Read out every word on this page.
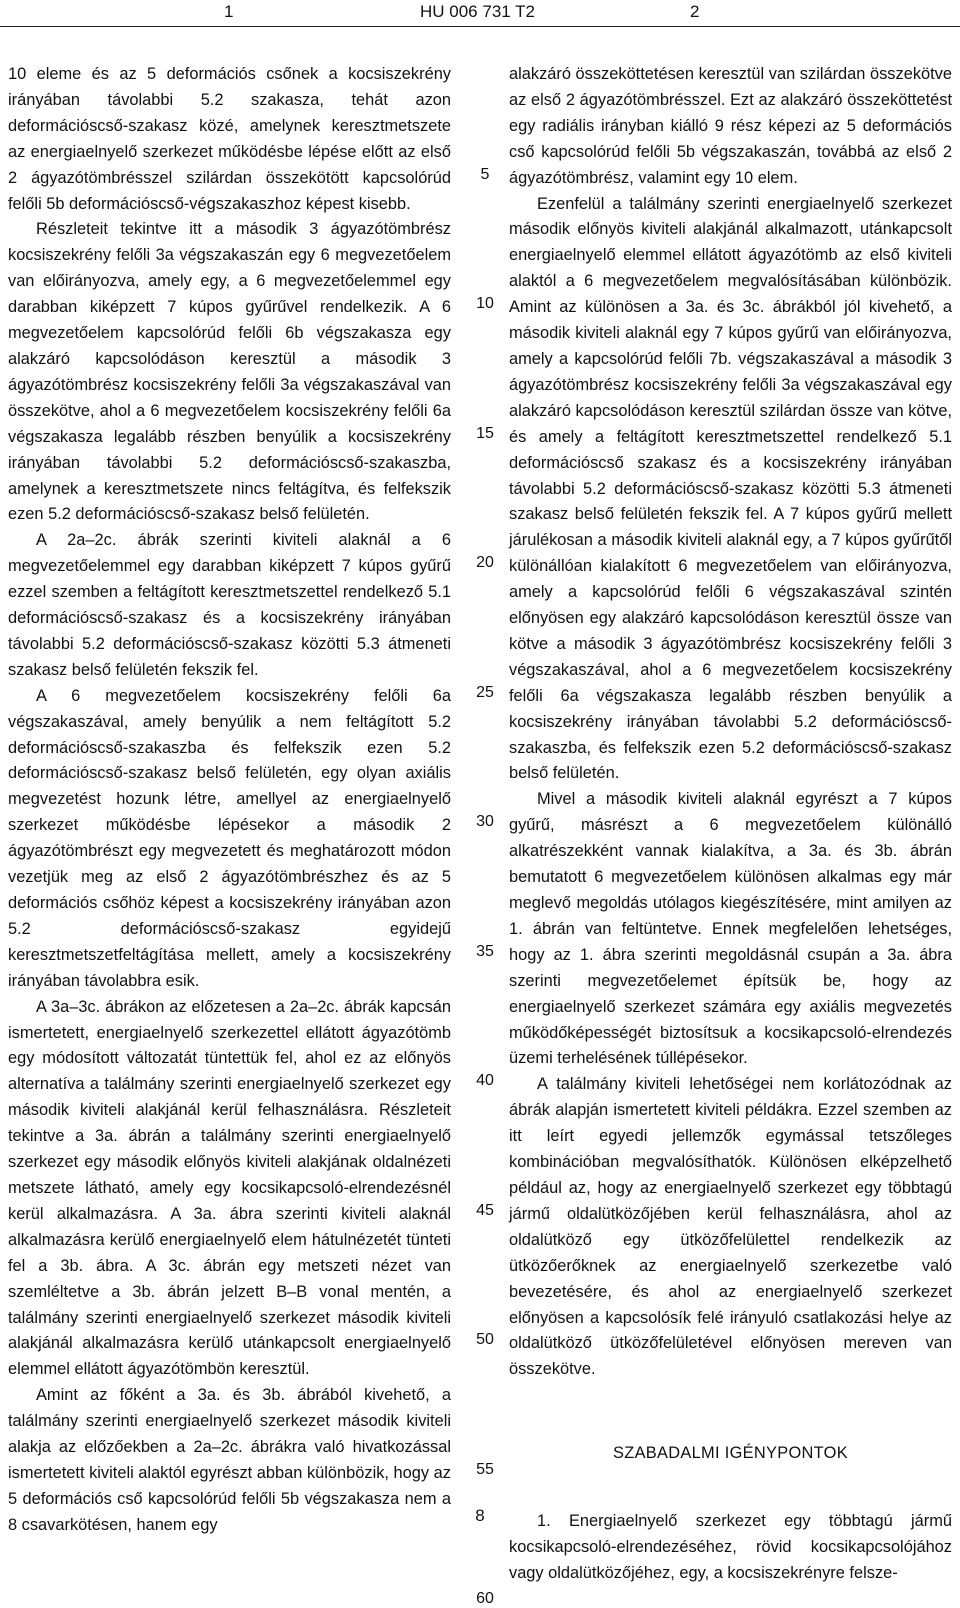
1	HU 006 731 T2	2

10 eleme és az 5 deformációs csőnek a kocsiszekrény irányában távolabbi 5.2 szakasza, tehát azon deformációscső-szakasz közé, amelynek keresztmetszete az energiaelnyelő szerkezet működésbe lépése előtt az első 2 ágyazótömbrésszel szilárdan összekötött kapcsolórúd felőli 5b deformációscső-végszakaszhoz képest kisebb.

Részleteit tekintve itt a második 3 ágyazótömbrész kocsiszekrény felőli 3a végszakaszán egy 6 megvezetőelem van előirányozva, amely egy, a 6 megvezetőelemmel egy darabban kiképzett 7 kúpos gyűrűvel rendelkezik. A 6 megvezetőelem kapcsolórúd felőli 6b végszakasza egy alakzáró kapcsolódáson keresztül a második 3 ágyazótömbrész kocsiszekrény felőli 3a végszakaszával van összekötve, ahol a 6 megvezetőelem kocsiszekrény felőli 6a végszakasza legalább részben benyúlik a kocsiszekrény irányában távolabbi 5.2 deformációscső-szakaszba, amelynek a keresztmetszete nincs feltágítva, és felfekszik ezen 5.2 deformációscső-szakasz belső felületén.

A 2a–2c. ábrák szerinti kiviteli alaknál a 6 megvezetőelemmel egy darabban kiképzett 7 kúpos gyűrű ezzel szemben a feltágított keresztmetszettel rendelkező 5.1 deformációscső-szakasz és a kocsiszekrény irányában távolabbi 5.2 deformációscső-szakasz közötti 5.3 átmeneti szakasz belső felületén fekszik fel.

A 6 megvezetőelem kocsiszekrény felőli 6a végszakaszával, amely benyúlik a nem feltágított 5.2 deformációscső-szakaszba és felfekszik ezen 5.2 deformációscső-szakasz belső felületén, egy olyan axiális megvezetést hozunk létre, amellyel az energiaelnyelő szerkezet működésbe lépésekor a második 2 ágyazótömbrészt egy megvezetett és meghatározott módon vezetjük meg az első 2 ágyazótömbrészhez és az 5 deformációs csőhöz képest a kocsiszekrény irányában azon 5.2 deformációscső-szakasz egyidejű keresztmetszetfeltágítása mellett, amely a kocsiszekrény irányában távolabbra esik.

A 3a–3c. ábrákon az előzetesen a 2a–2c. ábrák kapcsán ismertetett, energiaelnyelő szerkezettel ellátott ágyazótömb egy módosított változatát tüntettük fel, ahol ez az előnyös alternatíva a találmány szerinti energiaelnyelő szerkezet egy második kiviteli alakjánál kerül felhasználásra. Részleteit tekintve a 3a. ábrán a találmány szerinti energiaelnyelő szerkezet egy második előnyös kiviteli alakjának oldalnézeti metszete látható, amely egy kocsikapcsoló-elrendezésnél kerül alkalmazásra. A 3a. ábra szerinti kiviteli alaknál alkalmazásra kerülő energiaelnyelő elem hátulnézetét tünteti fel a 3b. ábra. A 3c. ábrán egy metszeti nézet van szemléltetve a 3b. ábrán jelzett B–B vonal mentén, a találmány szerinti energiaelnyelő szerkezet második kiviteli alakjánál alkalmazásra kerülő utánkapcsolt energiaelnyelő elemmel ellátott ágyazótömbön keresztül.

Amint az főként a 3a. és 3b. ábrából kivehető, a találmány szerinti energiaelnyelő szerkezet második kiviteli alakja az előzőekben a 2a–2c. ábrákra való hivatkozással ismertetett kiviteli alaktól egyrészt abban különbözik, hogy az 5 deformációs cső kapcsolórúd felőli 5b végszakasza nem a 8 csavarkötésen, hanem egy

alakzáró összeköttetésen keresztül van szilárdan összekötve az első 2 ágyazótömbrésszel. Ezt az alakzáró összeköttetést egy radiális irányban kiálló 9 rész képezi az 5 deformációs cső kapcsolórúd felőli 5b végszakaszán, továbbá az első 2 ágyazótömbrész, valamint egy 10 elem.

Ezenfelül a találmány szerinti energiaelnyelő szerkezet második előnyös kiviteli alakjánál alkalmazott, utánkapcsolt energiaelnyelő elemmel ellátott ágyazótömb az első kiviteli alaktól a 6 megvezetőelem megvalósításában különbözik. Amint az különösen a 3a. és 3c. ábrákból jól kivehető, a második kiviteli alaknál egy 7 kúpos gyűrű van előirányozva, amely a kapcsolórúd felőli 7b. végszakaszával a második 3 ágyazótömbrész kocsiszekrény felőli 3a végszakaszával egy alakzáró kapcsolódáson keresztül szilárdan össze van kötve, és amely a feltágított keresztmetszettel rendelkező 5.1 deformációscső szakasz és a kocsiszekrény irányában távolabbi 5.2 deformációscső-szakasz közötti 5.3 átmeneti szakasz belső felületén fekszik fel. A 7 kúpos gyűrű mellett járulékosan a második kiviteli alaknál egy, a 7 kúpos gyűrűtől különállóan kialakított 6 megvezetőelem van előirányozva, amely a kapcsolórúd felőli 6 végszakaszával szintén előnyösen egy alakzáró kapcsolódáson keresztül össze van kötve a második 3 ágyazótömbrész kocsiszekrény felőli 3 végszakaszával, ahol a 6 megvezetőelem kocsiszekrény felőli 6a végszakasza legalább részben benyúlik a kocsiszekrény irányában távolabbi 5.2 deformációscső-szakaszba, és felfekszik ezen 5.2 deformációscső-szakasz belső felületén.

Mivel a második kiviteli alaknál egyrészt a 7 kúpos gyűrű, másrészt a 6 megvezetőelem különálló alkatrészekként vannak kialakítva, a 3a. és 3b. ábrán bemutatott 6 megvezetőelem különösen alkalmas egy már meglevő megoldás utólagos kiegészítésére, mint amilyen az 1. ábrán van feltüntetve. Ennek megfelelően lehetséges, hogy az 1. ábra szerinti megoldásnál csupán a 3a. ábra szerinti megvezetőelemet építsük be, hogy az energiaelnyelő szerkezet számára egy axiális megvezetés működőképességét biztosítsuk a kocsikapcsoló-elrendezés üzemi terhelésének túllépésekor.

A találmány kiviteli lehetőségei nem korlátozódnak az ábrák alapján ismertetett kiviteli példákra. Ezzel szemben az itt leírt egyedi jellemzők egymással tetszőleges kombinációban megvalósíthatók. Különösen elképzelhető például az, hogy az energiaelnyelő szerkezet egy többtagú jármű oldalütközőjében kerül felhasználásra, ahol az oldalütköző egy ütközőfelülettel rendelkezik az ütközőerőknek az energiaelnyelő szerkezetbe való bevezetésére, és ahol az energiaelnyelő szerkezet előnyösen a kapcsolósík felé irányuló csatlakozási helye az oldalütköző ütközőfelületével előnyösen mereven van összekötve.

SZABADALMI IGÉNYPONTOK

1. Energiaelnyelő szerkezet egy többtagú jármű kocsikapcsoló-elrendezéséhez, rövid kocsikapcsolójához vagy oldalütközőjéhez, egy, a kocsiszekrényre felsze-

5
10
15
20
25
30
35
40
45
50
55
60
8
